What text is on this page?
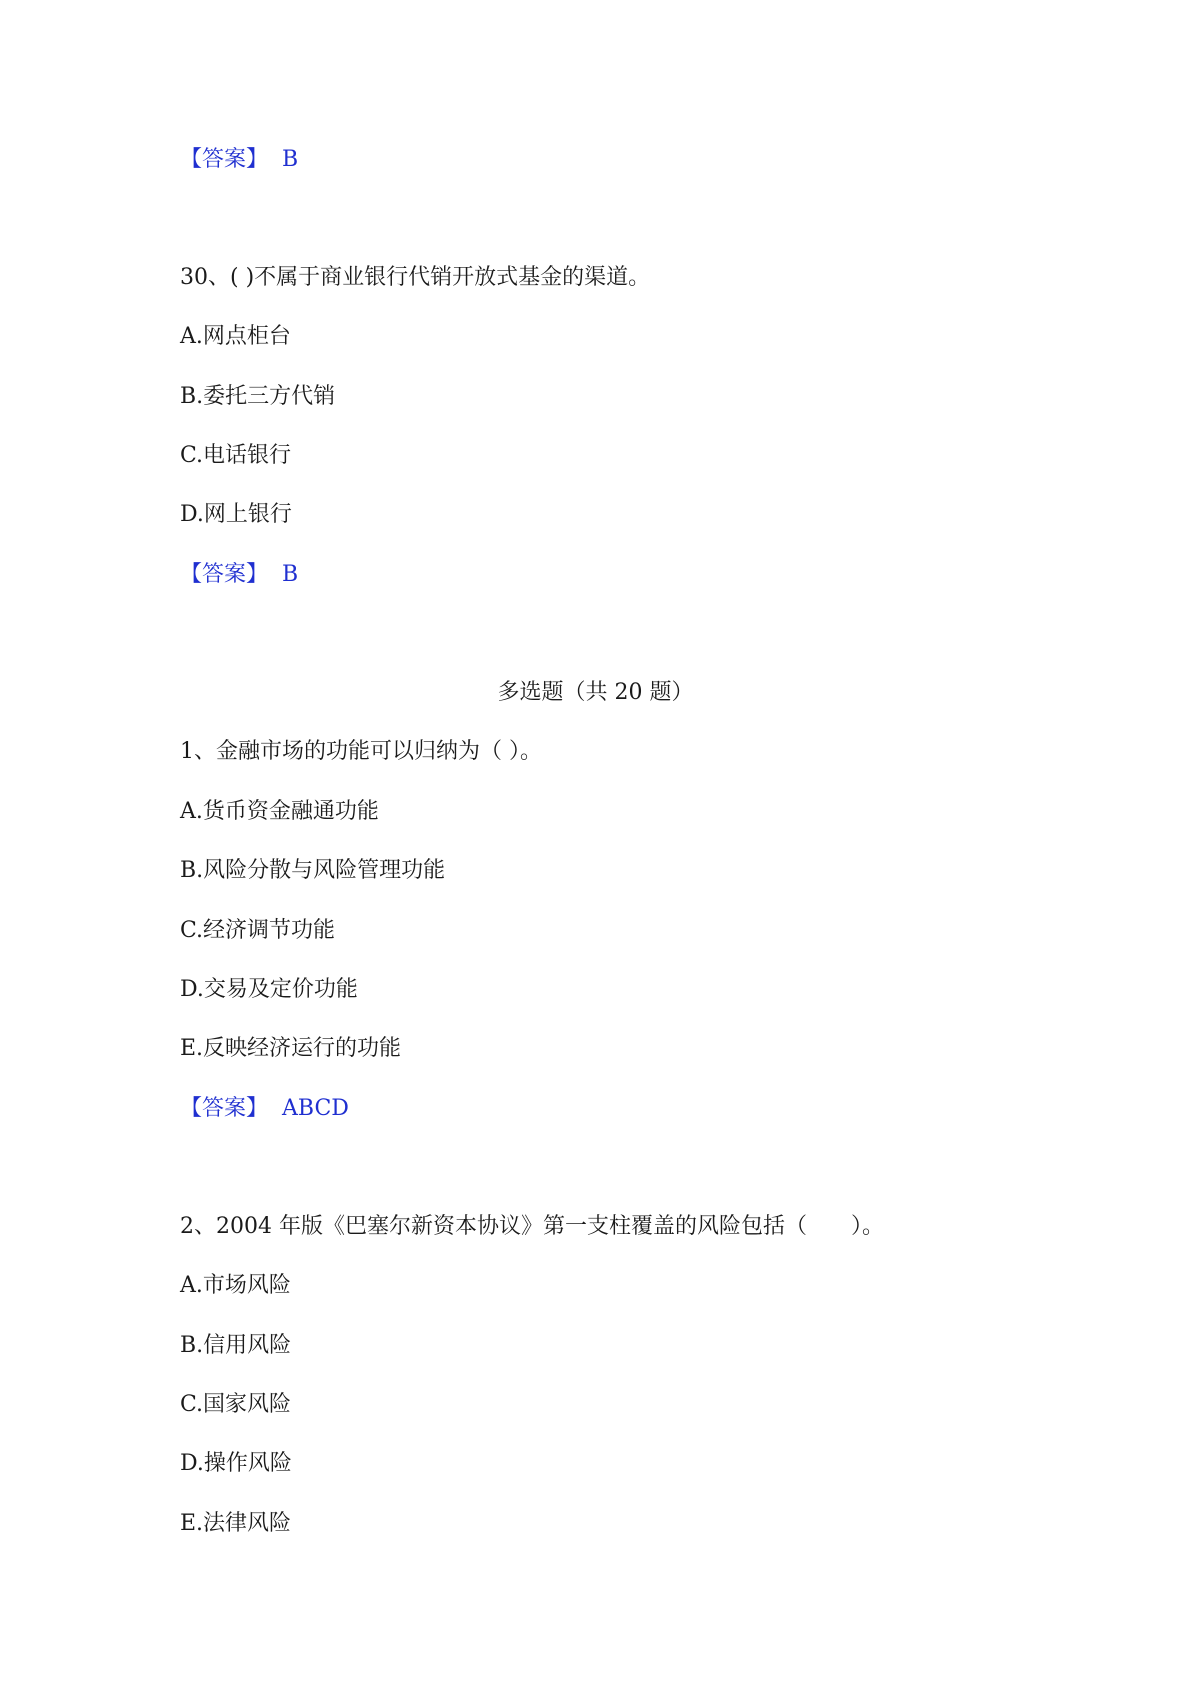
【答案】 B
30、( )不属于商业银行代销开放式基金的渠道。
A.网点柜台
B.委托三方代销
C.电话银行
D.网上银行
【答案】 B
多选题（共 20 题）
1、金融市场的功能可以归纳为（ ）。
A.货币资金融通功能
B.风险分散与风险管理功能
C.经济调节功能
D.交易及定价功能
E.反映经济运行的功能
【答案】 ABCD
2、2004 年版《巴塞尔新资本协议》第一支柱覆盖的风险包括（　　）。
A.市场风险
B.信用风险
C.国家风险
D.操作风险
E.法律风险
